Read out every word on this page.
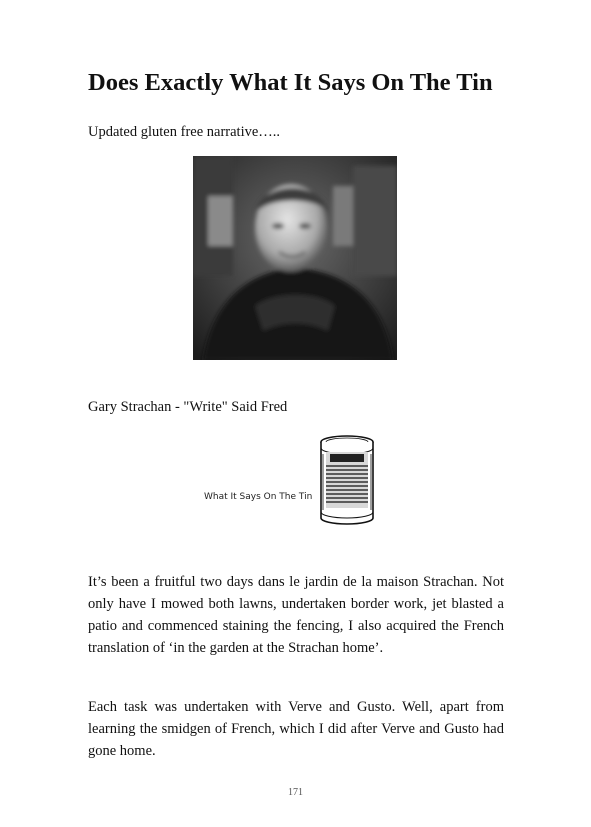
Does Exactly What It Says On The Tin

Updated gluten free narrative…..

Gary Strachan - "Write" Said Fred

What It Says On The Tin

It’s been a fruitful two days dans le jardin de la maison Strachan. Not only have I mowed both lawns, undertaken border work, jet blasted a patio and commenced staining the fencing, I also acquired the French translation of ‘in the garden at the Strachan home’.

Each task was undertaken with Verve and Gusto. Well, apart from learning the smidgen of French, which I did after Verve and Gusto had gone home.

171
